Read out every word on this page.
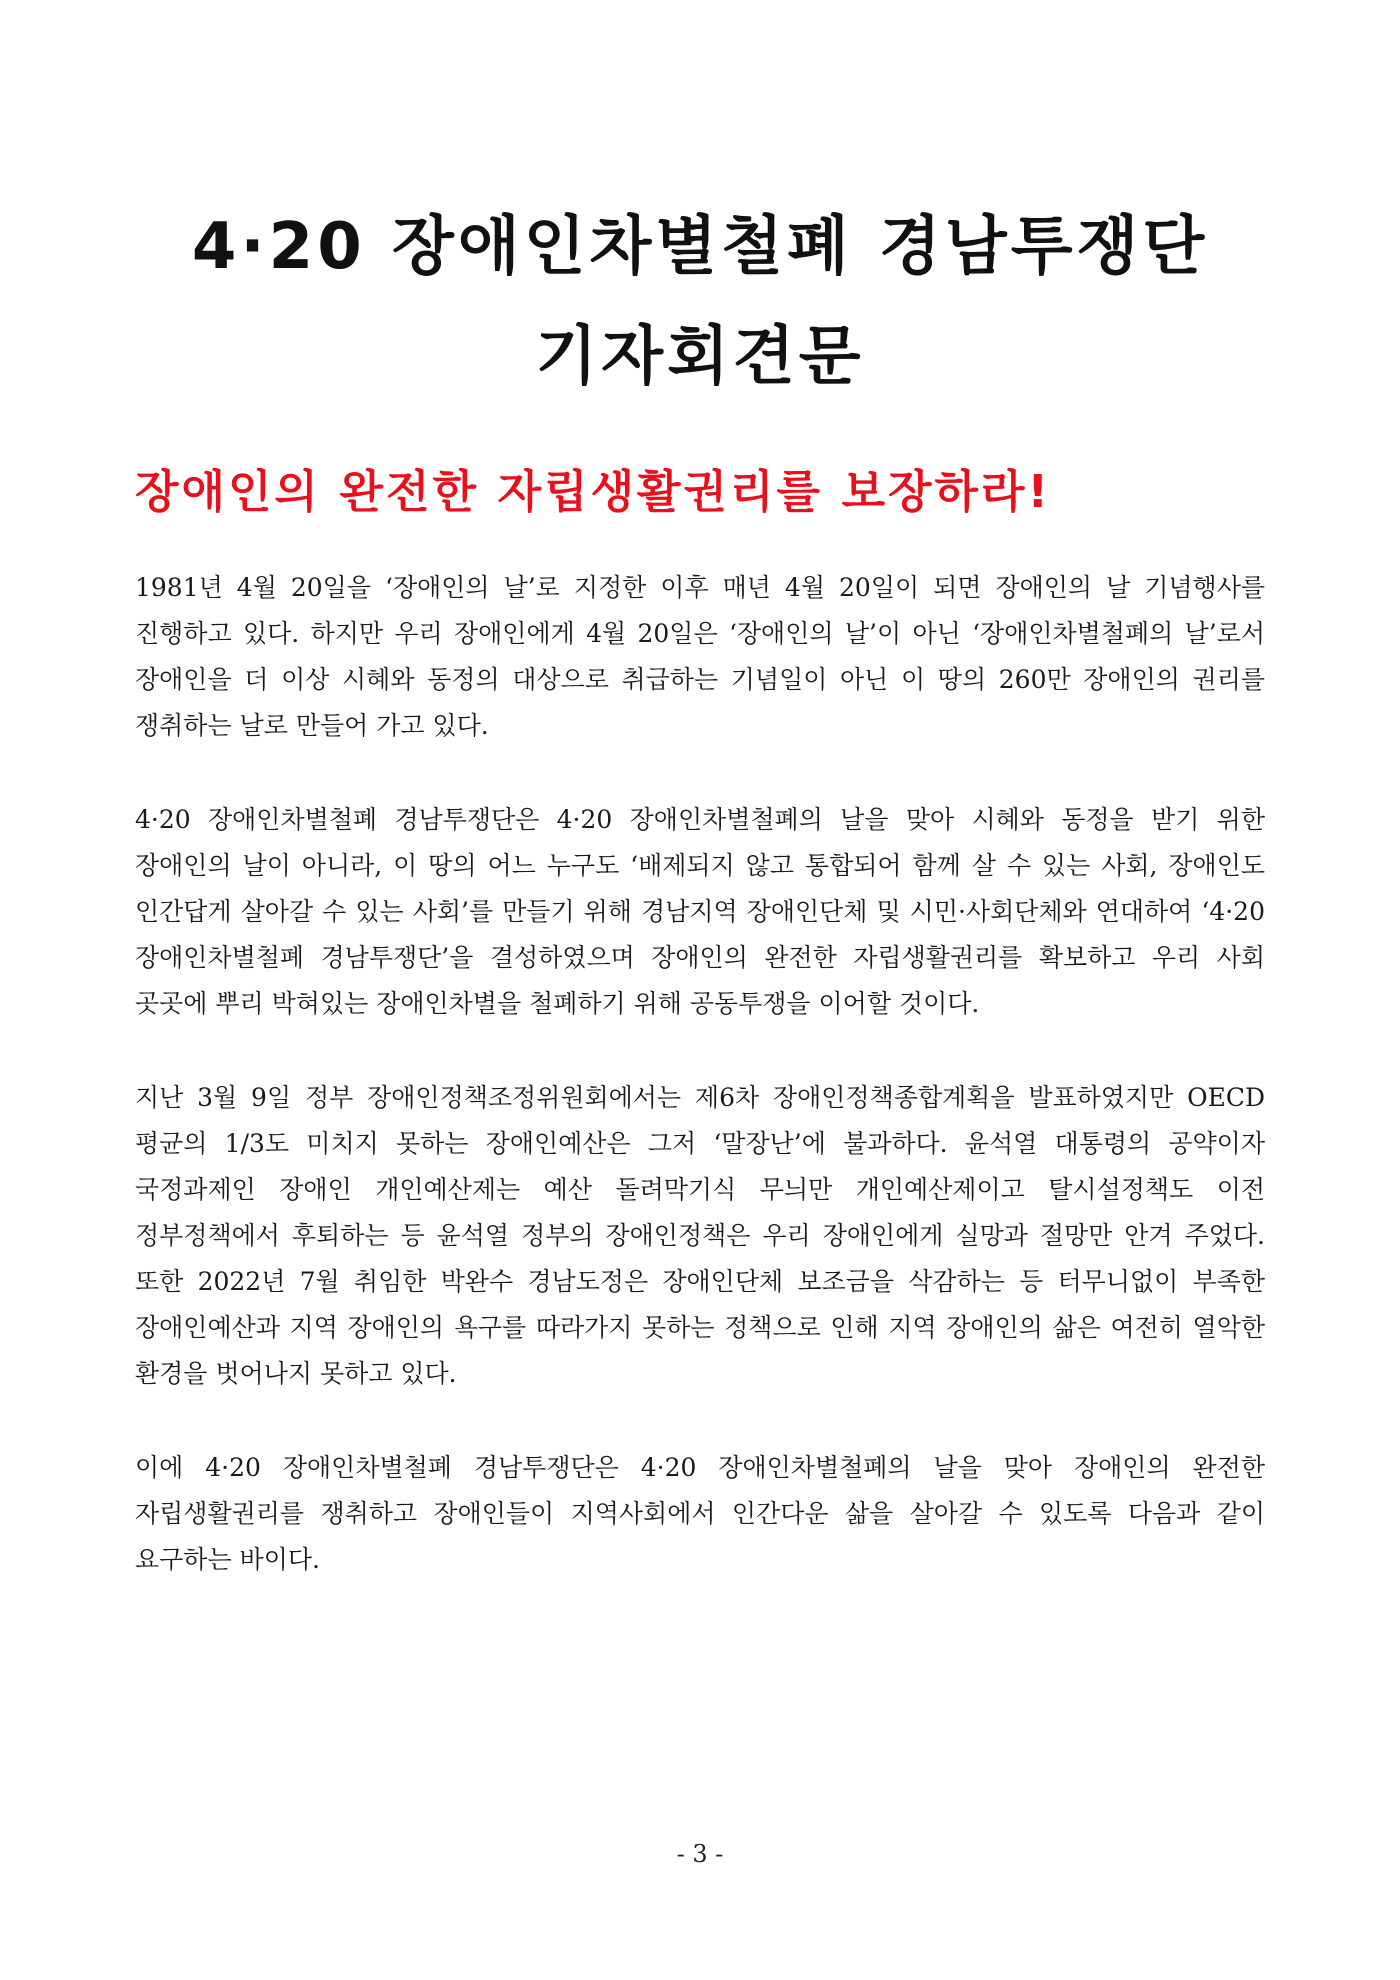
4·20 장애인차별철폐 경남투쟁단
기자회견문
장애인의 완전한 자립생활권리를 보장하라!

1981년 4월 20일을 ‘장애인의 날’로 지정한 이후 매년 4월 20일이 되면 장애인의 날 기념행사를 진행하고 있다. 하지만 우리 장애인에게 4월 20일은 ‘장애인의 날’이 아닌 ‘장애인차별철폐의 날’로서 장애인을 더 이상 시혜와 동정의 대상으로 취급하는 기념일이 아닌 이 땅의 260만 장애인의 권리를 쟁취하는 날로 만들어 가고 있다.

4·20 장애인차별철폐 경남투쟁단은 4·20 장애인차별철폐의 날을 맞아 시혜와 동정을 받기 위한 장애인의 날이 아니라, 이 땅의 어느 누구도 ‘배제되지 않고 통합되어 함께 살 수 있는 사회, 장애인도 인간답게 살아갈 수 있는 사회’를 만들기 위해 경남지역 장애인단체 및 시민·사회단체와 연대하여 ‘4·20 장애인차별철폐 경남투쟁단’을 결성하였으며 장애인의 완전한 자립생활권리를 확보하고 우리 사회 곳곳에 뿌리 박혀있는 장애인차별을 철폐하기 위해 공동투쟁을 이어할 것이다.

지난 3월 9일 정부 장애인정책조정위원회에서는 제6차 장애인정책종합계획을 발표하였지만 OECD 평균의 1/3도 미치지 못하는 장애인예산은 그저 ‘말장난’에 불과하다. 윤석열 대통령의 공약이자 국정과제인 장애인 개인예산제는 예산 돌려막기식 무늬만 개인예산제이고 탈시설정책도 이전 정부정책에서 후퇴하는 등 윤석열 정부의 장애인정책은 우리 장애인에게 실망과 절망만 안겨 주었다. 또한 2022년 7월 취임한 박완수 경남도정은 장애인단체 보조금을 삭감하는 등 터무니없이 부족한 장애인예산과 지역 장애인의 욕구를 따라가지 못하는 정책으로 인해 지역 장애인의 삶은 여전히 열악한 환경을 벗어나지 못하고 있다.

이에 4·20 장애인차별철폐 경남투쟁단은 4·20 장애인차별철폐의 날을 맞아 장애인의 완전한 자립생활권리를 쟁취하고 장애인들이 지역사회에서 인간다운 삶을 살아갈 수 있도록 다음과 같이 요구하는 바이다.

- 3 -
